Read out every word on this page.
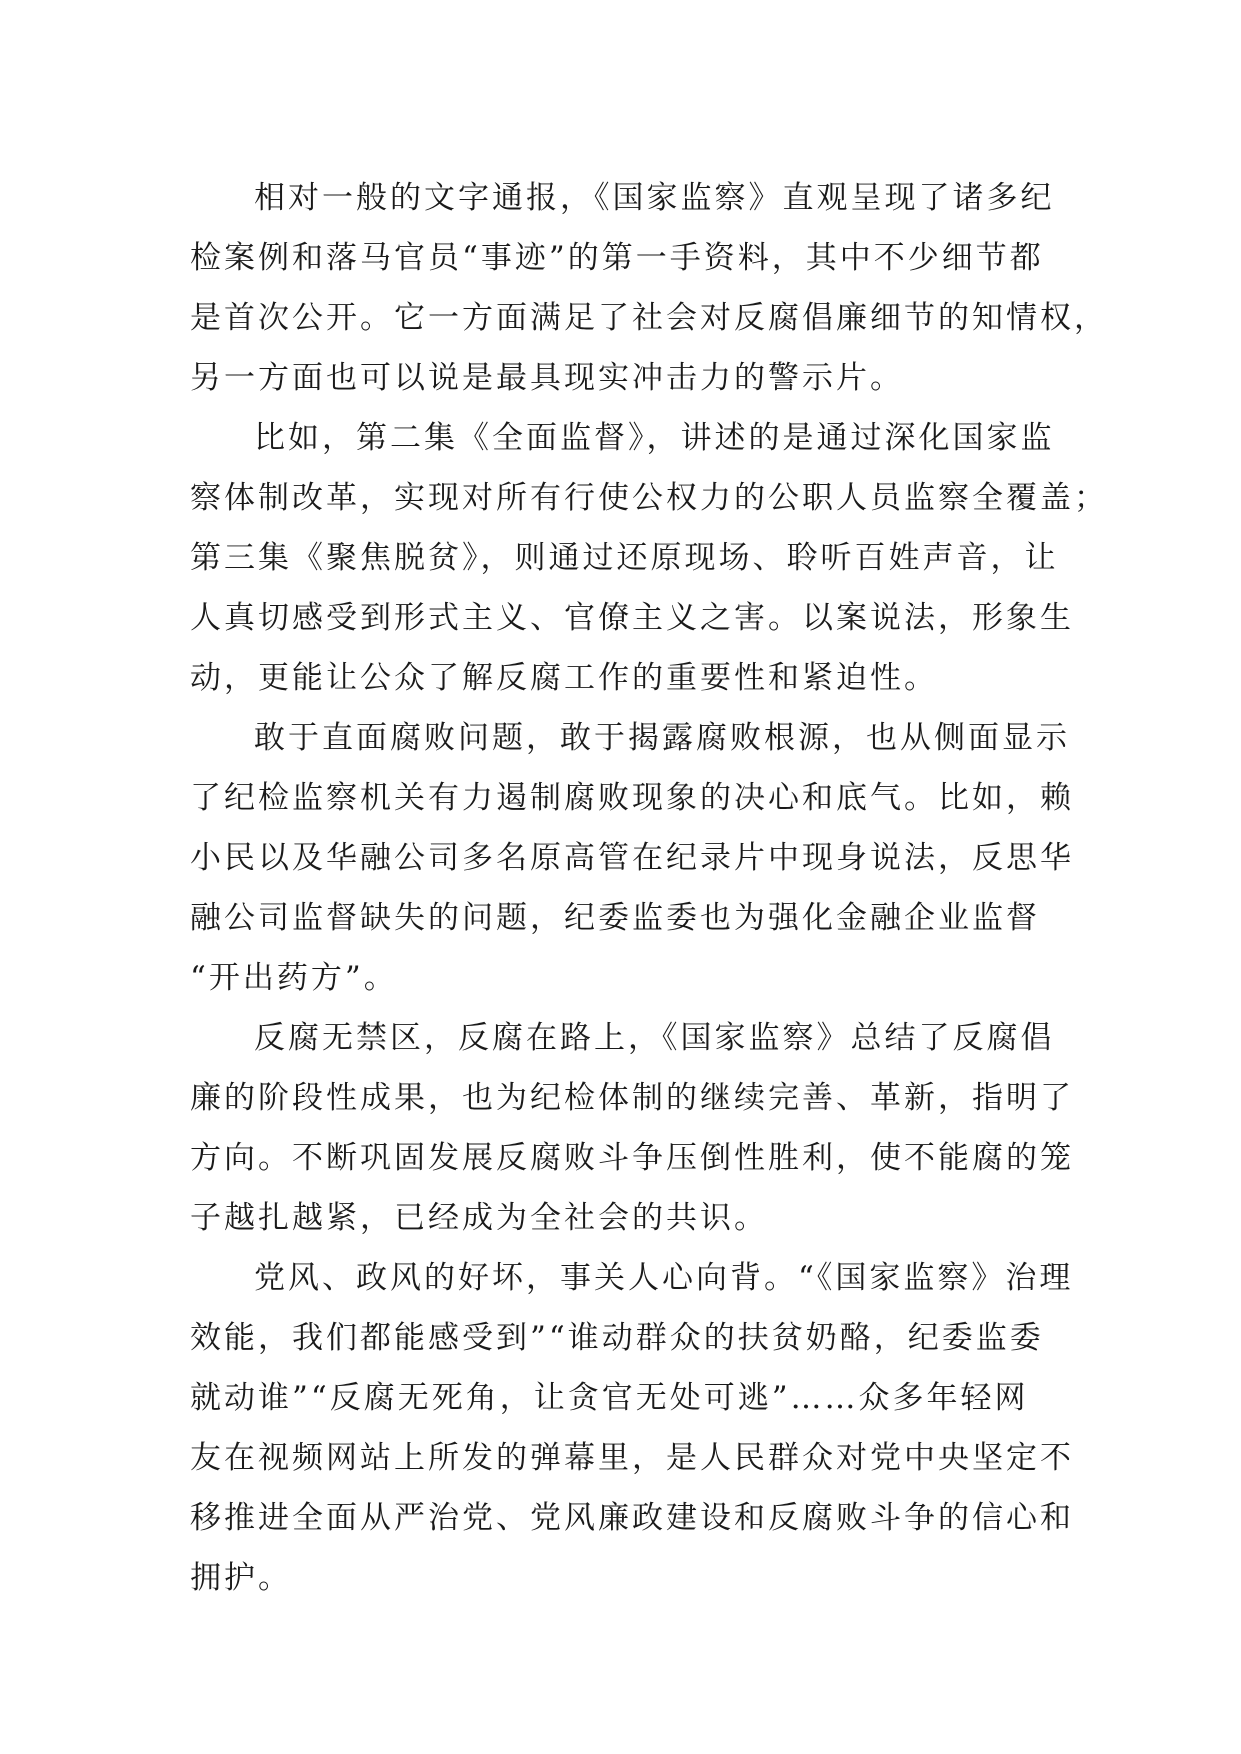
相对一般的文字通报，《国家监察》直观呈现了诸多纪
检案例和落马官员“事迹”的第一手资料，其中不少细节都
是首次公开。它一方面满足了社会对反腐倡廉细节的知情权，
另一方面也可以说是最具现实冲击力的警示片。
比如，第二集《全面监督》，讲述的是通过深化国家监
察体制改革，实现对所有行使公权力的公职人员监察全覆盖；
第三集《聚焦脱贫》，则通过还原现场、聆听百姓声音，让
人真切感受到形式主义、官僚主义之害。以案说法，形象生
动，更能让公众了解反腐工作的重要性和紧迫性。
敢于直面腐败问题，敢于揭露腐败根源，也从侧面显示
了纪检监察机关有力遏制腐败现象的决心和底气。比如，赖
小民以及华融公司多名原高管在纪录片中现身说法，反思华
融公司监督缺失的问题，纪委监委也为强化金融企业监督
“开出药方”。
反腐无禁区，反腐在路上，《国家监察》总结了反腐倡
廉的阶段性成果，也为纪检体制的继续完善、革新，指明了
方向。不断巩固发展反腐败斗争压倒性胜利，使不能腐的笼
子越扎越紧，已经成为全社会的共识。
党风、政风的好坏，事关人心向背。“《国家监察》治理
效能，我们都能感受到”“谁动群众的扶贫奶酪，纪委监委
就动谁”“反腐无死角，让贪官无处可逃”……众多年轻网
友在视频网站上所发的弹幕里，是人民群众对党中央坚定不
移推进全面从严治党、党风廉政建设和反腐败斗争的信心和
拥护。
